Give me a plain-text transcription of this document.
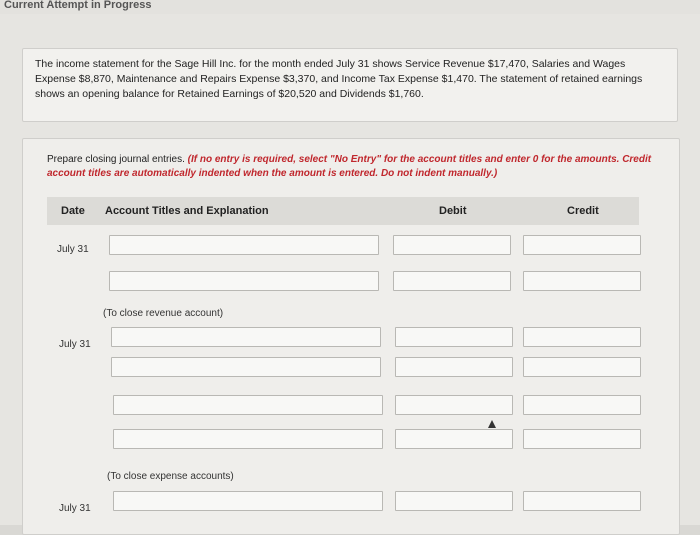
Current Attempt in Progress
The income statement for the Sage Hill Inc. for the month ended July 31 shows Service Revenue $17,470, Salaries and Wages Expense $8,870, Maintenance and Repairs Expense $3,370, and Income Tax Expense $1,470. The statement of retained earnings shows an opening balance for Retained Earnings of $20,520 and Dividends $1,760.
Prepare closing journal entries. (If no entry is required, select "No Entry" for the account titles and enter 0 for the amounts. Credit account titles are automatically indented when the amount is entered. Do not indent manually.)
Date Account Titles and Explanation	Debit	Credit
July 31
(To close revenue account)
July 31
(To close expense accounts)
July 31
